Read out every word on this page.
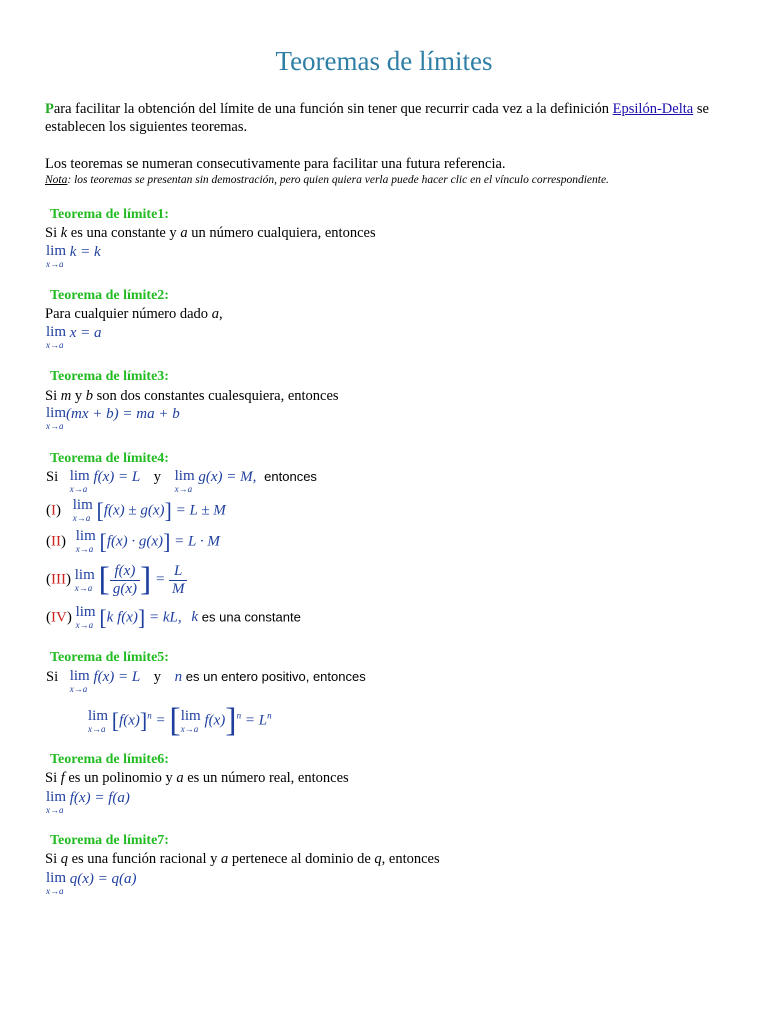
Teoremas de límites
Para facilitar la obtención del límite de una función sin tener que recurrir cada vez a la definición Epsilón-Delta se
establecen los siguientes teoremas.
Los teoremas se numeran consecutivamente para facilitar una futura referencia.
Nota: los teoremas se presentan sin demostración, pero quien quiera verla puede hacer clic en el vínculo correspondiente.
Teorema de límite1:
Si k es una constante y a un número cualquiera, entonces
lim
x→a
k = k
Teorema de límite2:
Para cualquier número dado a,
lim
x→a
x = a
Teorema de límite3:
Si m y b son dos constantes cualesquiera, entonces
lim
x→a
(mx + b) = ma + b
Teorema de límite4:
Si lim
x→a
f(x) = L y lim
x→a
g(x) = M, entonces
(I) lim
x→a [f(x) ± g(x)] = L ± M
(II) lim
x→a [f(x) · g(x)] = L · M
(III) lim
x→a [ $\frac{f(x)}{g(x)}$ ] = $\frac{L}{M}$
(IV) lim
x→a [k f(x)] = kL, k es una constante
Teorema de límite5:
Si lim
x→a
f(x) = L y n es un entero positivo, entonces
lim
x→a $[f(x)]^n$ = [ lim
x→a $f(x)]^n = L^n$
Teorema de límite6:
Si f es un polinomio y a es un número real, entonces
lim
x→a
f(x) = f(a)
Teorema de límite7:
Si q es una función racional y a pertenece al dominio de q, entonces
lim
x→a
q(x) = q(a)
